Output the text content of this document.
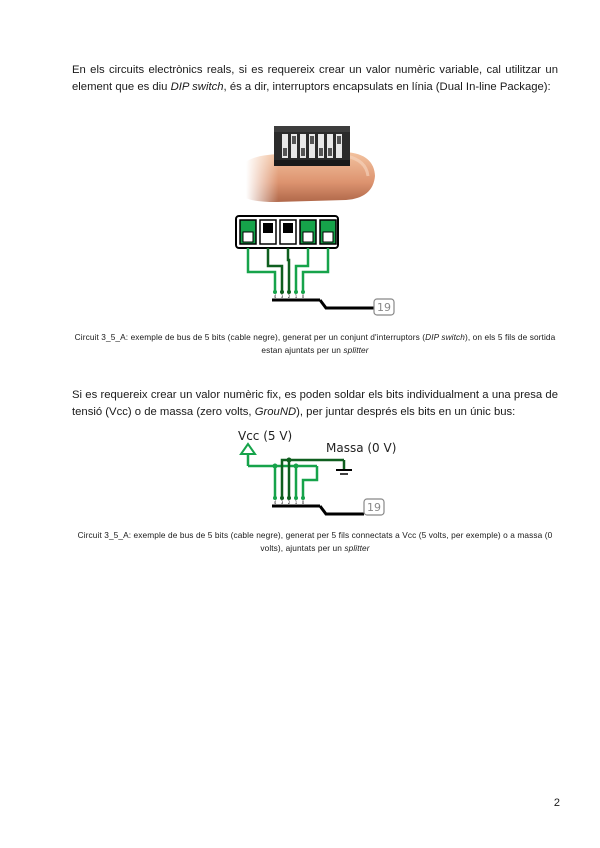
En els circuits electrònics reals, si es requereix crear un valor numèric variable, cal utilitzar un element que es diu DIP switch, és a dir, interruptors encapsulats en línia (Dual In-line Package):

4 3 2 1 0
19

Circuit 3_5_A: exemple de bus de 5 bits (cable negre), generat per un conjunt d'interruptors (DIP switch), on els 5 fils de sortida estan ajuntats per un splitter

Si es requereix crear un valor numèric fix, es poden soldar els bits individualment a una presa de tensió (Vcc) o de massa (zero volts, GrouND), per juntar després els bits en un únic bus:

Vcc (5 V)
Massa (0 V)
4 3 2 1 0	19

Circuit 3_5_A: exemple de bus de 5 bits (cable negre), generat per 5 fils connectats a Vcc (5 volts, per exemple) o a massa (0 volts), ajuntats per un splitter

2
